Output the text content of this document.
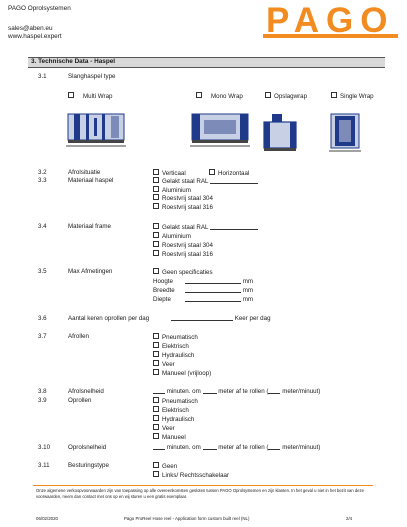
PAGO Oprolsystemen
sales@aben.eu
www.haspel.expert	PAGO
3. Technische Data - Haspel
3.1	Slanghaspel type
Multi Wrap	Mono Wrap	Opslagwrap	Single Wrap
3.2	Afrolsituatie	Verticaal	Horizontaal
3.3	Materiaal haspel	Gelakt staal RAL
Aluminium
Roestvrij staal 304
Roestvrij staal 316
3.4	Materiaal frame	Gelakt staal RAL
Aluminium
Roestvrij staal 304
Roestvrij staal 316
3.5	Max Afmetingen	Geen specificaties
Hoogte	mm
Breedte	mm
Diepte	mm
3.6	Aantal keren oprollen per dag	Keer per dag
3.7	Afrollen	Pneumatisch
Elektrisch
Hydraulisch
Veer
Manueel (vrijloop)
3.8	Afrolsnelheid	minuten. om	meter af te rollen ( meter/minuut)
3.9	Oprollen	Pneumatisch
Elektrisch
Hydraulisch
Veer
Manueel
3.10	Oprolsnelheid	minuten. om	meter af te rollen ( meter/minuut)
3.11	Besturingstype	Geen
Links/ Rechtsschakelaar
Onze algemene verkoopvoorwaarden zijn van toepassing op alle overeenkomsten gesloten tussen PAGO Oprolsystemen en zijn klanten. In het geval u niet in het bezit van deze voorwaarden, neem dan contact met ons op en wij sturen u een gratis exemplaar.
06/02/2020	Pago ProReel Hose reel - Application form custom built reel (NL)	2/4
